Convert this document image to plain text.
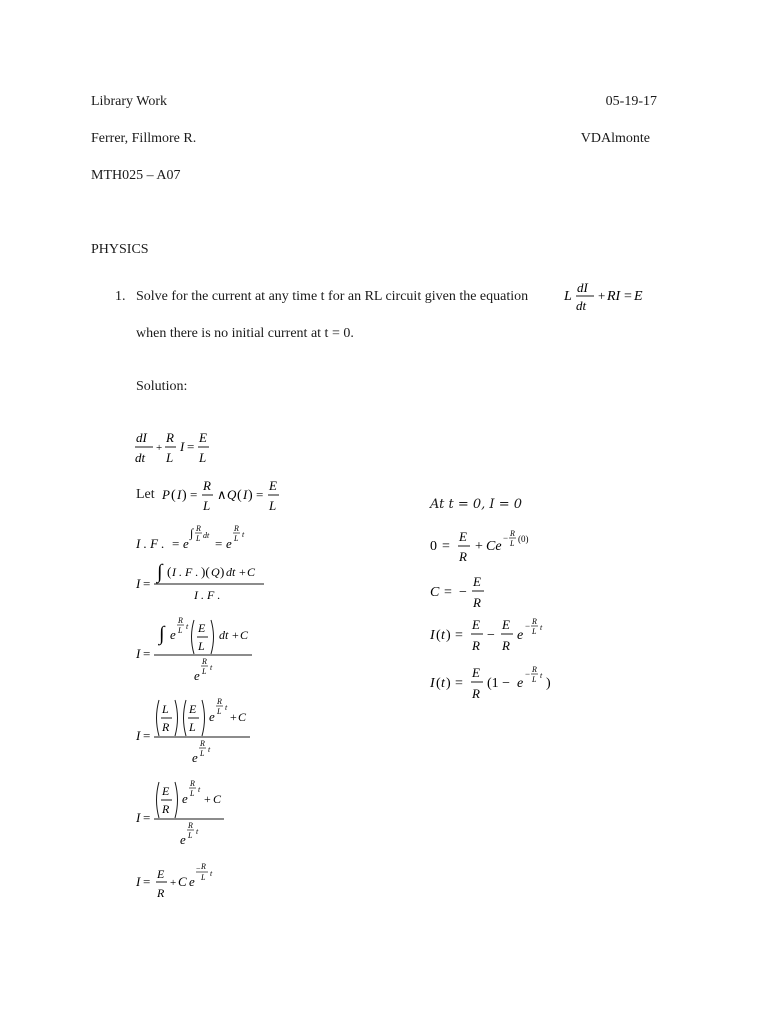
Library Work	05-19-17
Ferrer, Fillmore R.	VDAlmonte
MTH025 – A07
PHYSICS
1. Solve for the current at any time t for an RL circuit given the equation	L
dI
dt
+ RI = E
when there is no initial current at t = 0.
Solution:
dI
dt
+
R
L
I =
E
L
Let P ( I ) =
R
L
∧ Q ( I ) =
E
L
I . F . = e
∫ R
L dt
= e
R
L t
I =
∫ ( I . F . )( Q ) dt + C
I . F .
I =
∫ e
R
L t E
L
dt + C
e
R
L t
I =
L
R
E
L
e
R
L t
+ C
e
R
L t
I =
E
R
e
R
L t
+ C
e
R
L t
I = E
R
+ C e
− R
L t
At t = 0, I = 0
0 =
E
R
+ Ce
− R
L (0)
C = −
E
R
I ( t ) =
E
R
−
E
R
e
− R
L t
I ( t ) =
E
R
(1 − e
− R
L t
)
